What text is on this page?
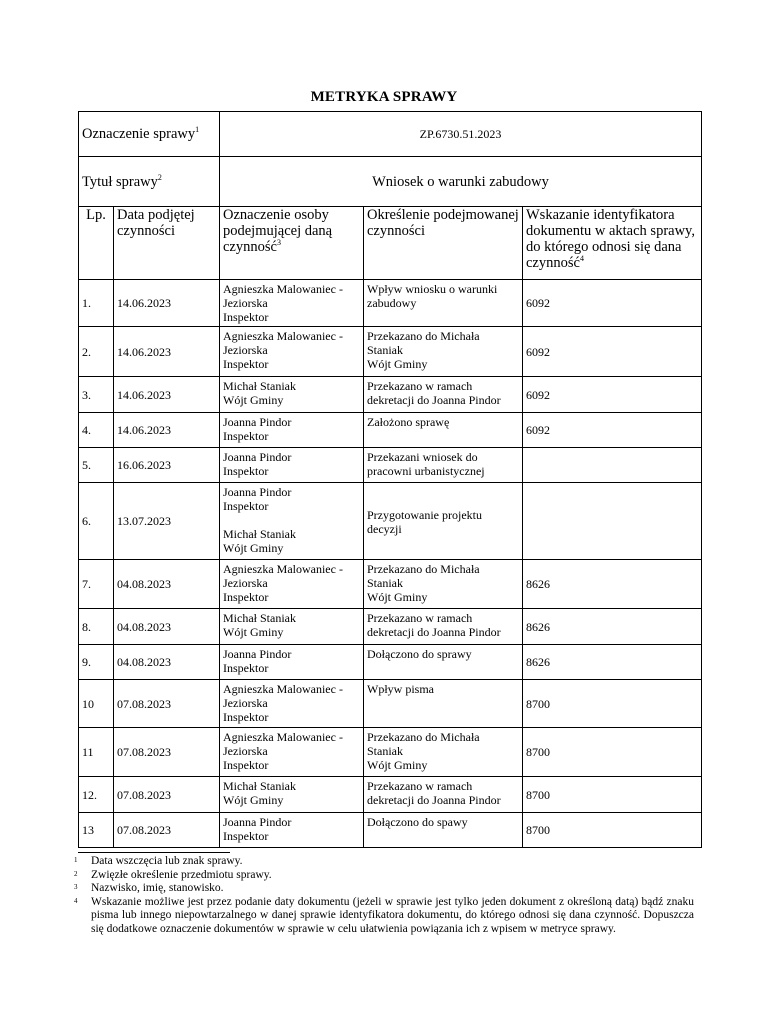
METRYKA SPRAWY
Oznaczenie sprawy$^1$		ZP.6730.51.2023		
Tytuł sprawy$^2$		Wniosek o warunki zabudowy		
Lp.	Data podjętej czynności	Oznaczenie osoby podejmującej daną czynność$^3$	Określenie podejmowanej czynności	Wskazanie identyfikatora dokumentu w aktach sprawy, do którego odnosi się dana czynność$^4$
1.	14.06.2023	Agnieszka Malowaniec -
Jeziorska
Inspektor	Wpływ wniosku o warunki
zabudowy	6092
2.	14.06.2023	Agnieszka Malowaniec -
Jeziorska
Inspektor	Przekazano do Michała
Staniak
Wójt Gminy	6092
3.	14.06.2023	Michał Staniak
Wójt Gminy	Przekazano w ramach
dekretacji do Joanna Pindor	6092
4.	14.06.2023	Joanna Pindor
Inspektor	Założono sprawę	6092
5.	16.06.2023	Joanna Pindor
Inspektor	Przekazani wniosek do
pracowni urbanistycznej	
6.	13.07.2023	Joanna Pindor
Inspektor

Michał Staniak
Wójt Gminy	Przygotowanie projektu
decyzji	
7.	04.08.2023	Agnieszka Malowaniec -
Jeziorska
Inspektor	Przekazano do Michała
Staniak
Wójt Gminy	8626
8.	04.08.2023	Michał Staniak
Wójt Gminy	Przekazano w ramach
dekretacji do Joanna Pindor	8626
9.	04.08.2023	Joanna Pindor
Inspektor	Dołączono do sprawy	8626
10	07.08.2023	Agnieszka Malowaniec -
Jeziorska
Inspektor	Wpływ pisma	8700
11	07.08.2023	Agnieszka Malowaniec -
Jeziorska
Inspektor	Przekazano do Michała
Staniak
Wójt Gminy	8700
12.	07.08.2023	Michał Staniak
Wójt Gminy	Przekazano w ramach
dekretacji do Joanna Pindor	8700
13	07.08.2023	Joanna Pindor
Inspektor	Dołączono do spawy	8700
1	Data wszczęcia lub znak sprawy.
2	Zwięzłe określenie przedmiotu sprawy.
3	Nazwisko, imię, stanowisko.
4	Wskazanie możliwe jest przez podanie daty dokumentu (jeżeli w sprawie jest tylko jeden dokument z określoną datą) bądź znaku pisma lub innego niepowtarzalnego w danej sprawie identyfikatora dokumentu, do którego odnosi się dana czynność. Dopuszcza się dodatkowe oznaczenie dokumentów w sprawie w celu ułatwienia powiązania ich z wpisem w metryce sprawy.
